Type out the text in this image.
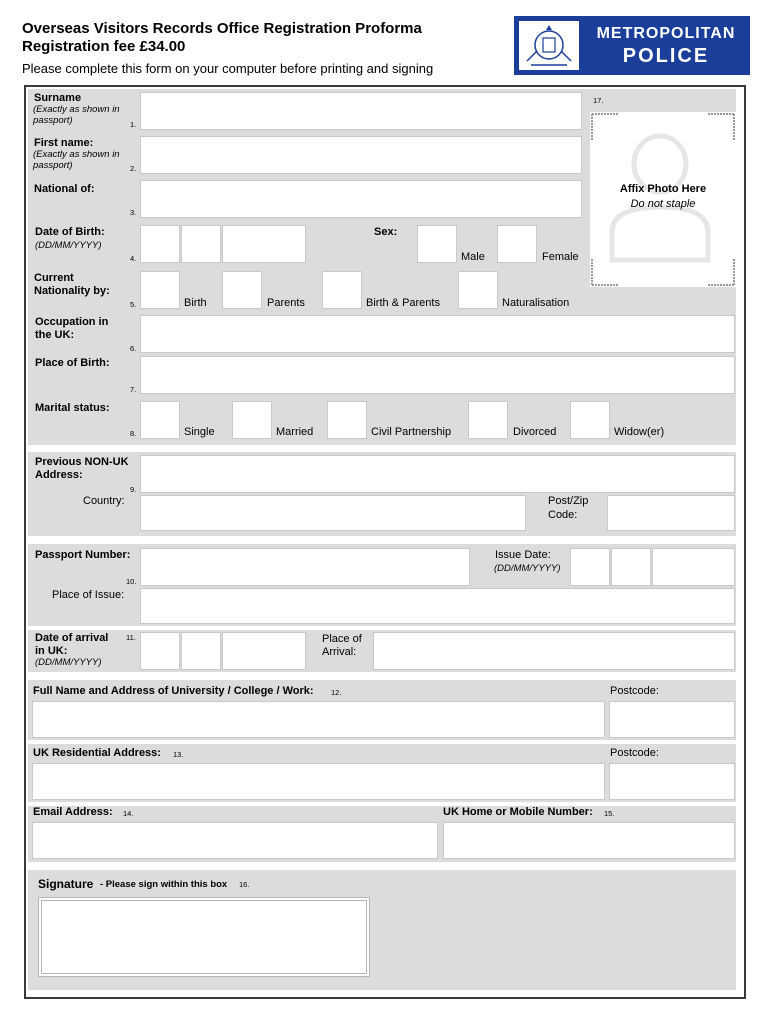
Overseas Visitors Records Office Registration Proforma
Registration fee £34.00
Please complete this form on your computer before printing and signing
METROPOLITAN
POLICE
17.
Affix Photo Here
Do not staple
Surname
(Exactly as shown in passport)	1.
First name:
(Exactly as shown in passport)	2.
National of:
3.
Date of Birth:
(DD/MM/YYYY)
4.
Sex:
Male	Female
Current Nationality by:
5.	Birth	Parents	Birth & Parents	Naturalisation
Occupation in the UK:
6.
Place of Birth:
7.
Marital status:
8.	Single	Married	Civil Partnership	Divorced	Widow(er)
Previous NON-UK Address:
9.
Country:	Post/Zip Code:
Passport Number:
10.
Issue Date:
(DD/MM/YYYY)
Place of Issue:
Date of arrival in UK:
(DD/MM/YYYY)
11.	Place of Arrival:
Full Name and Address of University / College / Work: 12.	Postcode:
UK Residential Address: 13.	Postcode:
Email Address: 14.	UK Home or Mobile Number: 15.
Signature - Please sign within this box 16.
